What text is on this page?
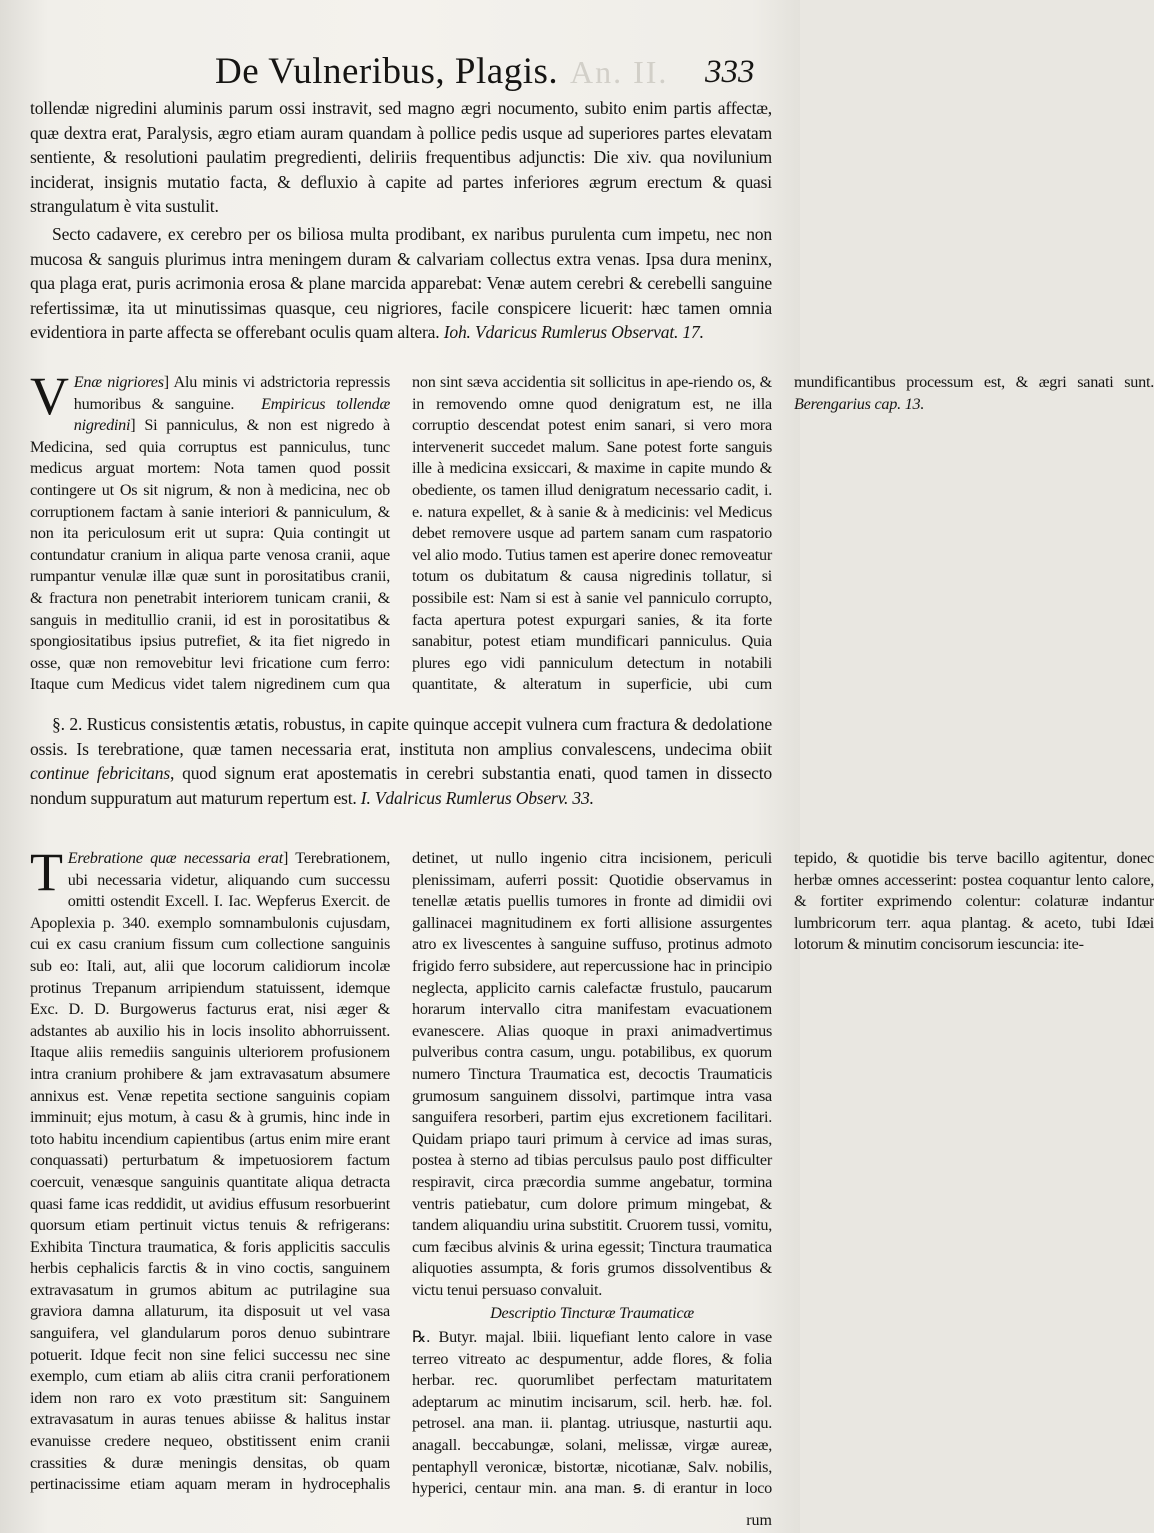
An. II.
De Vulneribus, Plagis.	333

tollendæ nigredini aluminis parum ossi instravit, sed magno ægri nocumento, subito enim partis affectæ, quæ dextra erat, Paralysis, ægro etiam auram quandam à pollice pedis usque ad superiores partes elevatam sentiente, & resolutioni paulatim pregredienti, deliriis frequentibus adjunctis: Die xiv. qua novilunium inciderat, insignis mutatio facta, & defluxio à capite ad partes inferiores ægrum erectum & quasi strangulatum è vita sustulit.

Secto cadavere, ex cerebro per os biliosa multa prodibant, ex naribus purulenta cum impetu, nec non mucosa & sanguis plurimus intra meningem duram & calvariam collectus extra venas. Ipsa dura meninx, qua plaga erat, puris acrimonia erosa & plane marcida apparebat: Venæ autem cerebri & cerebelli sanguine refertissimæ, ita ut minutissimas quasque, ceu nigriores, facile conspicere licuerit: hæc tamen omnia evidentiora in parte affecta se offerebant oculis quam altera. Ioh. Vdaricus Rumlerus Observat. 17.

V Enæ nigriores] Alu minis vi adstrictoria repressis humoribus & sanguine. Empiricus tollendæ nigredini] Si panniculus, & non est nigredo à Medicina, sed quia corruptus est panniculus, tunc medicus arguat mortem: Nota tamen quod possit contingere ut Os sit nigrum, & non à medicina, nec ob corruptionem factam à sanie interiori & panniculum, & non ita periculosum erit ut supra: Quia contingit ut contundatur cranium in aliqua parte venosa cranii, aque rumpantur venulæ illæ quæ sunt in porositatibus cranii, & fractura non penetrabit interiorem tunicam cranii, & sanguis in meditullio cranii, id est in porositatibus & spongiositatibus ipsius putrefiet, & ita fiet nigredo in osse, quæ non removebitur levi fricatione cum ferro: Itaque cum Medicus videt talem nigredinem cum qua non sint sæva accidentia sit sollicitus in ape-riendo os, & in removendo omne quod denigratum est, ne illa corruptio descendat potest enim sanari, si vero mora intervenerit succedet malum. Sane potest forte sanguis ille à medicina exsiccari, & maxime in capite mundo & obediente, os tamen illud denigratum necessario cadit, i. e. natura expellet, & à sanie & à medicinis: vel Medicus debet removere usque ad partem sanam cum raspatorio vel alio modo. Tutius tamen est aperire donec removeatur totum os dubitatum & causa nigredinis tollatur, si possibile est: Nam si est à sanie vel panniculo corrupto, facta apertura potest expurgari sanies, & ita forte sanabitur, potest etiam mundificari panniculus. Quia plures ego vidi panniculum detectum in notabili quantitate, & alteratum in superficie, ubi cum mundificantibus processum est, & ægri sanati sunt. Berengarius cap. 13.

§. 2. Rusticus consistentis ætatis, robustus, in capite quinque accepit vulnera cum fractura & dedolatione ossis. Is terebratione, quæ tamen necessaria erat, instituta non amplius convalescens, undecima obiit continue febricitans, quod signum erat apostematis in cerebri substantia enati, quod tamen in dissecto nondum suppuratum aut maturum repertum est. I. Vdalricus Rumlerus Observ. 33.

T Erebratione quæ necessaria erat] Terebrationem, ubi necessaria videtur, aliquando cum successu omitti ostendit Excell. I. Iac. Wepferus Exercit. de Apoplexia p. 340. exemplo somnambulonis cujusdam, cui ex casu cranium fissum cum collectione sanguinis sub eo: Itali, aut, alii que locorum calidiorum incolæ protinus Trepanum arripiendum statuissent, idemque Exc. D. D. Burgowerus facturus erat, nisi æger & adstantes ab auxilio his in locis insolito abhorruissent. Itaque aliis remediis sanguinis ulteriorem profusionem intra cranium prohibere & jam extravasatum absumere annixus est. Venæ repetita sectione sanguinis copiam imminuit; ejus motum, à casu & à grumis, hinc inde in toto habitu incendium capientibus (artus enim mire erant conquassati) perturbatum & impetuosiorem factum coercuit, venæsque sanguinis quantitate aliqua detracta quasi fame icas reddidit, ut avidius effusum resorbuerint quorsum etiam pertinuit victus tenuis & refrigerans: Exhibita Tinctura traumatica, & foris applicitis sacculis herbis cephalicis farctis & in vino coctis, sanguinem extravasatum in grumos abitum ac putrilagine sua graviora damna allaturum, ita disposuit ut vel vasa sanguifera, vel glandularum poros denuo subintrare potuerit. Idque fecit non sine felici successu nec sine exemplo, cum etiam ab aliis citra cranii perforationem idem non raro ex voto præstitum sit: Sanguinem extravasatum in auras tenues abiisse & halitus instar evanuisse credere nequeo, obstitissent enim cranii crassities & duræ meningis densitas, ob quam pertinacissime etiam aquam meram in hydrocephalis detinet, ut nullo ingenio citra incisionem, periculi plenissimam, auferri possit: Quotidie observamus in tenellæ ætatis puellis tumores in fronte ad dimidii ovi gallinacei magnitudinem ex forti allisione assurgentes atro ex livescentes à sanguine suffuso, protinus admoto frigido ferro subsidere, aut repercussione hac in principio neglecta, applicito carnis calefactæ frustulo, paucarum horarum intervallo citra manifestam evacuationem evanescere. Alias quoque in praxi animadvertimus pulveribus contra casum, ungu. potabilibus, ex quorum numero Tinctura Traumatica est, decoctis Traumaticis grumosum sanguinem dissolvi, partimque intra vasa sanguifera resorberi, partim ejus excretionem facilitari. Quidam priapo tauri primum à cervice ad imas suras, postea à sterno ad tibias perculsus paulo post difficulter respiravit, circa præcordia summe angebatur, tormina ventris patiebatur, cum dolore primum mingebat, & tandem aliquandiu urina substitit. Cruorem tussi, vomitu, cum fæcibus alvinis & urina egessit; Tinctura traumatica aliquoties assumpta, & foris grumos dissolventibus & victu tenui persuaso convaluit.
Descriptio Tincturæ Traumaticæ
℞. Butyr. majal. lbiii. liquefiant lento calore in vase terreo vitreato ac despumentur, adde flores, & folia herbar. rec. quorumlibet perfectam maturitatem adeptarum ac minutim incisarum, scil. herb. hæ. fol. petrosel. ana man. ii. plantag. utriusque, nasturtii aqu. anagall. beccabungæ, solani, melissæ, virgæ aureæ, pentaphyll veronicæ, bistortæ, nicotianæ, Salv. nobilis, hyperici, centaur min. ana man. ꞩ. di erantur in loco tepido, & quotidie bis terve bacillo agitentur, donec herbæ omnes accesserint: postea coquantur lento calore, & fortiter exprimendo colentur: colaturæ indantur lumbricorum terr. aqua plantag. & aceto, tubi Idæi lotorum & minutim concisorum iescuncia: ite-

rum
